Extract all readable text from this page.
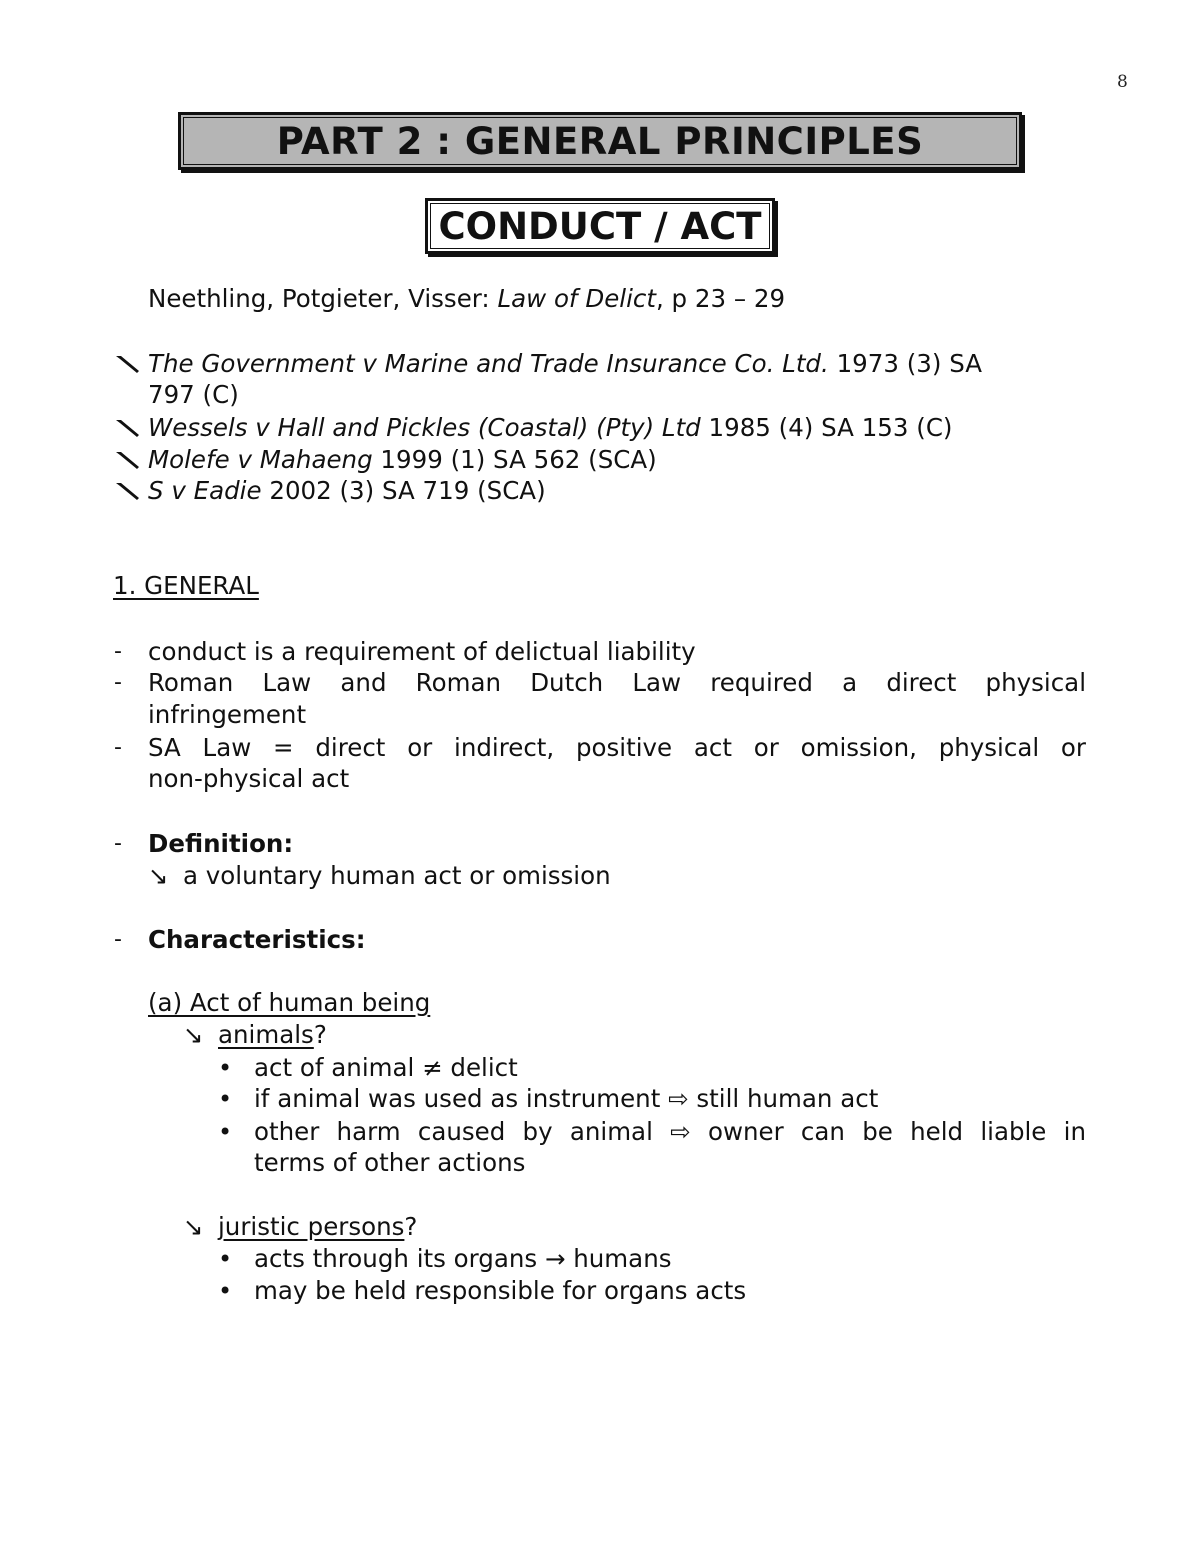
8
PART 2 : GENERAL PRINCIPLES
CONDUCT / ACT
Neethling, Potgieter, Visser: Law of Delict, p 23 – 29
The Government v Marine and Trade Insurance Co. Ltd. 1973 (3) SA
797 (C)
Wessels v Hall and Pickles (Coastal) (Pty) Ltd 1985 (4) SA 153 (C)
Molefe v Mahaeng 1999 (1) SA 562 (SCA)
S v Eadie 2002 (3) SA 719 (SCA)
1. GENERAL
- conduct is a requirement of delictual liability
- Roman Law and Roman Dutch Law required a direct physical
infringement
- SA Law = direct or indirect, positive act or omission, physical or
non-physical act
- Definition:
↘ a voluntary human act or omission
- Characteristics:
(a) Act of human being
↘ animals?
• act of animal ≠ delict
• if animal was used as instrument ⇨ still human act
• other harm caused by animal ⇨ owner can be held liable in
terms of other actions
↘ juristic persons?
• acts through its organs → humans
• may be held responsible for organs acts
